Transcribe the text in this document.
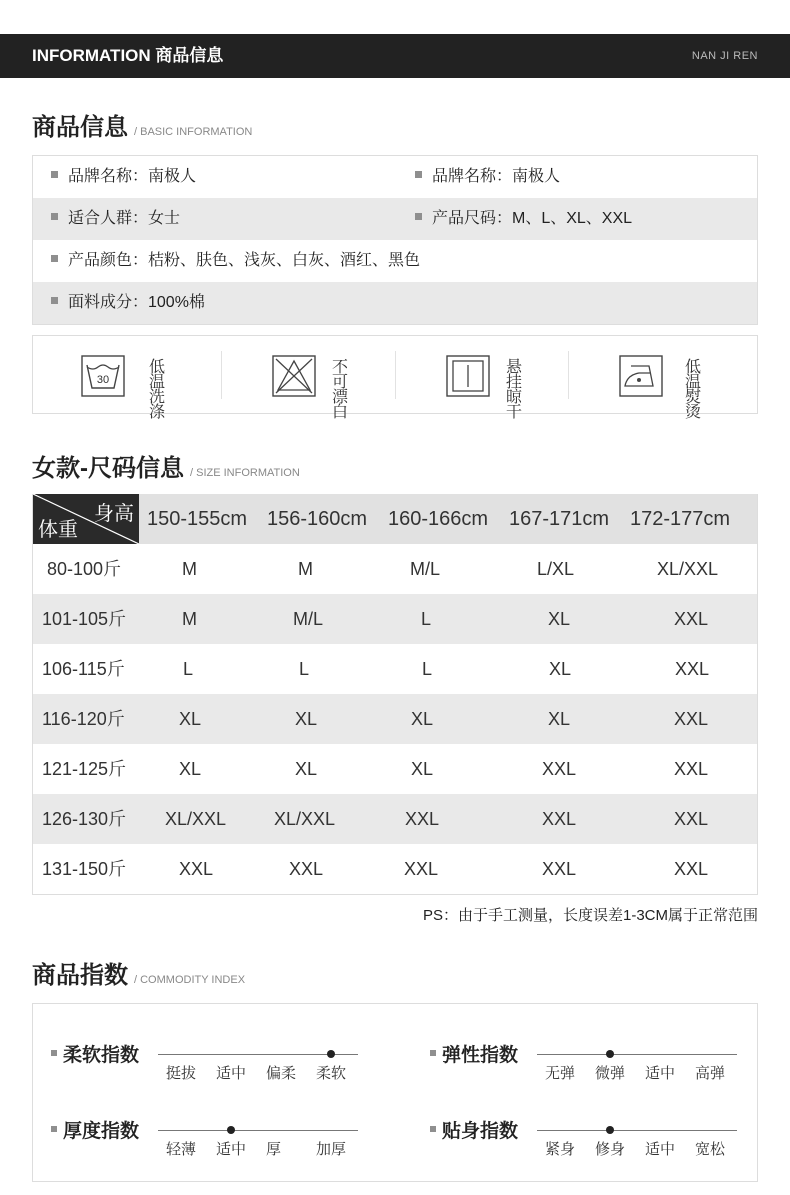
INFORMATION 商品信息	NAN JI REN
商品信息 / BASIC INFORMATION
品牌名称：南极人	品牌名称：南极人
适合人群：女士	产品尺码：M、L、XL、XXL
产品颜色：桔粉、肤色、浅灰、白灰、酒红、黑色
面料成分：100%棉
30
低温
洗涤
不可
漂白
悬挂
晾干
低温
熨烫
女款-尺码信息 / SIZE INFORMATION
身高
体重	150-155cm 156-160cm 160-166cm 167-171cm 172-177cm
80-100斤	M	M	M/L	L/XL	XL/XXL
101-105斤	M	M/L	L	XL	XXL
106-115斤	L	L	L	XL	XXL
116-120斤	XL	XL	XL	XL	XXL
121-125斤	XL	XL	XL	XXL	XXL
126-130斤 XL/XXL	XL/XXL	XXL	XXL	XXL
131-150斤	XXL	XXL	XXL	XXL	XXL
PS：由于手工测量，长度误差1-3CM属于正常范围
商品指数 / COMMODITY INDEX
柔软指数
挺拔 适中 偏柔 柔软
弹性指数
无弹 微弹 适中 高弹
厚度指数
轻薄 适中 厚 加厚
贴身指数
紧身 修身 适中 宽松
